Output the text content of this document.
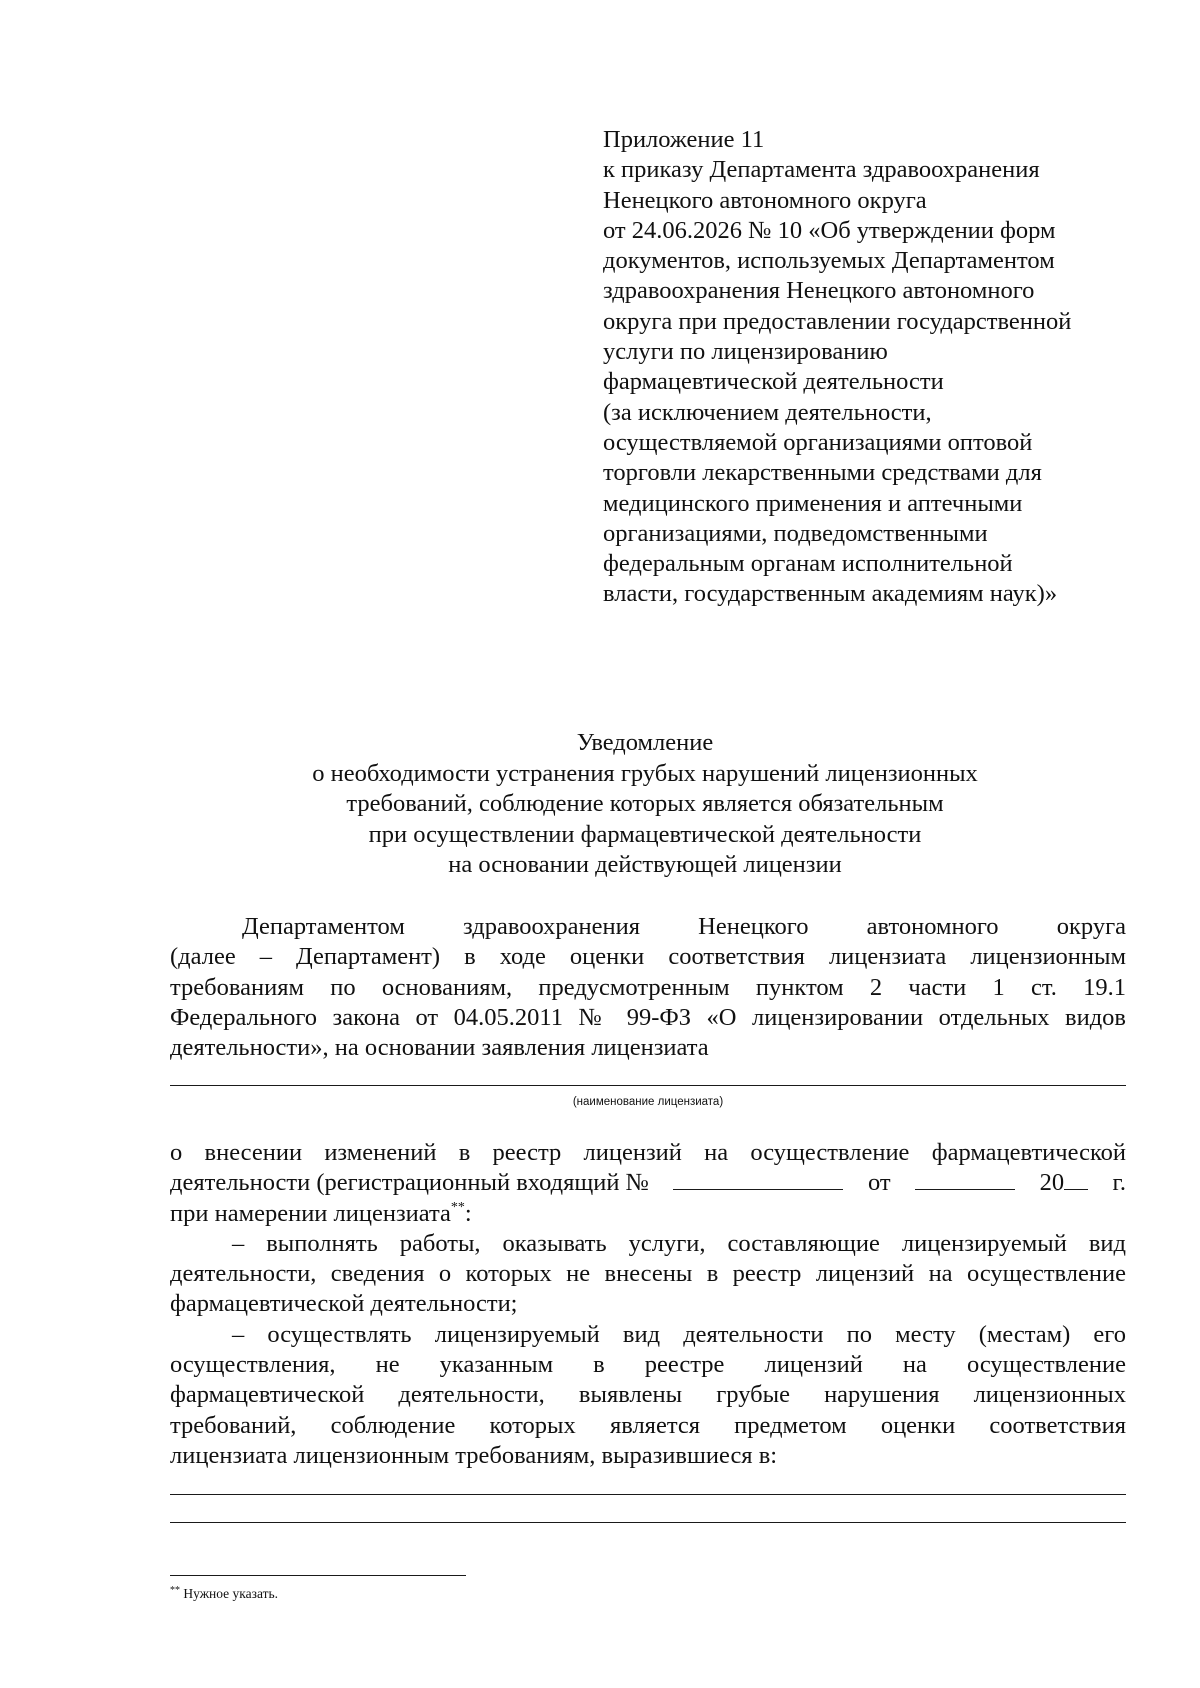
Приложение 11
к приказу Департамента здравоохранения
Ненецкого автономного округа
от 24.06.2026 № 10 «Об утверждении форм
документов, используемых Департаментом
здравоохранения Ненецкого автономного
округа при предоставлении государственной
услуги по лицензированию
фармацевтической деятельности
(за исключением деятельности,
осуществляемой организациями оптовой
торговли лекарственными средствами для
медицинского применения и аптечными
организациями, подведомственными
федеральным органам исполнительной
власти, государственным академиям наук)»
Уведомление
о необходимости устранения грубых нарушений лицензионных
требований, соблюдение которых является обязательным
при осуществлении фармацевтической деятельности
на основании действующей лицензии
Департаментом здравоохранения Ненецкого автономного округа
(далее – Департамент) в ходе оценки соответствия лицензиата лицензионным
требованиям по основаниям, предусмотренным пунктом 2 части 1 ст. 19.1
Федерального закона от 04.05.2011 № 99-ФЗ «О лицензировании отдельных видов
деятельности», на основании заявления лицензиата
(наименование лицензиата)
о внесении изменений в реестр лицензий на осуществление фармацевтической
деятельности (регистрационный входящий №	от	20	г.
при намерении лицензиата**:
– выполнять работы, оказывать услуги, составляющие лицензируемый вид
деятельности, сведения о которых не внесены в реестр лицензий на осуществление
фармацевтической деятельности;
– осуществлять лицензируемый вид деятельности по месту (местам) его
осуществления, не указанным в реестре лицензий на осуществление
фармацевтической деятельности, выявлены грубые нарушения лицензионных
требований, соблюдение которых является предметом оценки соответствия
лицензиата лицензионным требованиям, выразившиеся в:
** Нужное указать.
